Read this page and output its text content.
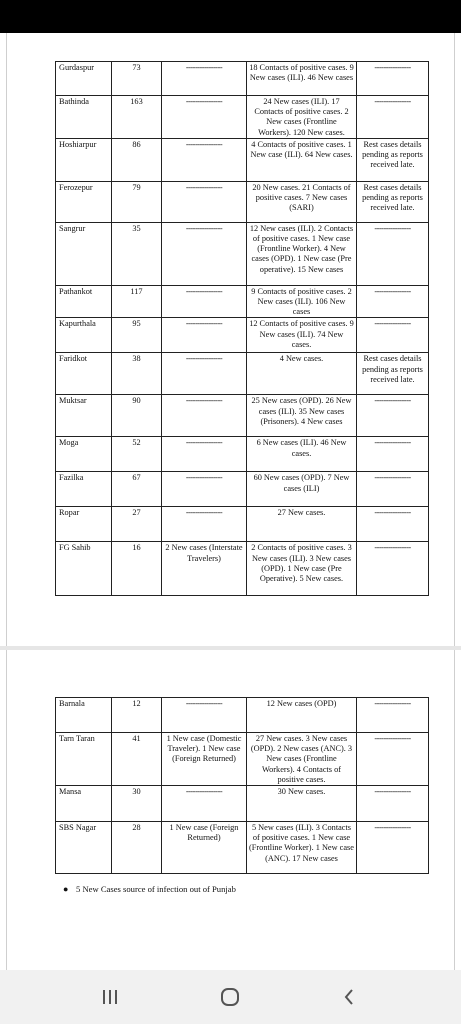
Gurdaspur	73	----------------	18 Contacts of positive cases. 9 New cases (ILI). 46 New cases	----------------
Bathinda	163	----------------	24 New cases (ILI). 17 Contacts of positive cases. 2 New cases (Frontline Workers). 120 New cases.	----------------
Hoshiarpur	86	----------------	4 Contacts of positive cases. 1 New case (ILI). 64 New cases.	Rest cases details pending as reports received late.
Ferozepur	79	----------------	20 New cases. 21 Contacts of positive cases. 7 New cases (SARI)	Rest cases details pending as reports received late.
Sangrur	35	----------------	12 New cases (ILI). 2 Contacts of positive cases. 1 New case (Frontline Worker). 4 New cases (OPD). 1 New case (Pre operative). 15 New cases	----------------
Pathankot	117	----------------	9 Contacts of positive cases. 2 New cases (ILI). 106 New cases	----------------
Kapurthala	95	----------------	12 Contacts of positive cases. 9 New cases (ILI). 74 New cases.	----------------
Faridkot	38	----------------	4 New cases.	Rest cases details pending as reports received late.
Muktsar	90	----------------	25 New cases (OPD). 26 New cases (ILI). 35 New cases (Prisoners). 4 New cases	----------------
Moga	52	----------------	6 New cases (ILI). 46 New cases.	----------------
Fazilka	67	----------------	60 New cases (OPD). 7 New cases (ILI)	----------------
Ropar	27	----------------	27 New cases.	----------------
FG Sahib	16	2 New cases (Interstate Travelers)	2 Contacts of positive cases. 3 New cases (ILI). 3 New cases (OPD). 1 New case (Pre Operative). 5 New cases.	----------------
Barnala	12	----------------	12 New cases (OPD)	----------------
Tarn Taran	41	1 New case (Domestic Traveler). 1 New case (Foreign Returned)	27 New cases. 3 New cases (OPD). 2 New cases (ANC). 3 New cases (Frontline Workers). 4 Contacts of positive cases.	----------------
Mansa	30	----------------	30 New cases.	----------------
SBS Nagar	28	1 New case (Foreign Returned)	5 New cases (ILI). 3 Contacts of positive cases. 1 New case (Frontline Worker). 1 New case (ANC). 17 New cases	----------------
● 5 New Cases source of infection out of Punjab
